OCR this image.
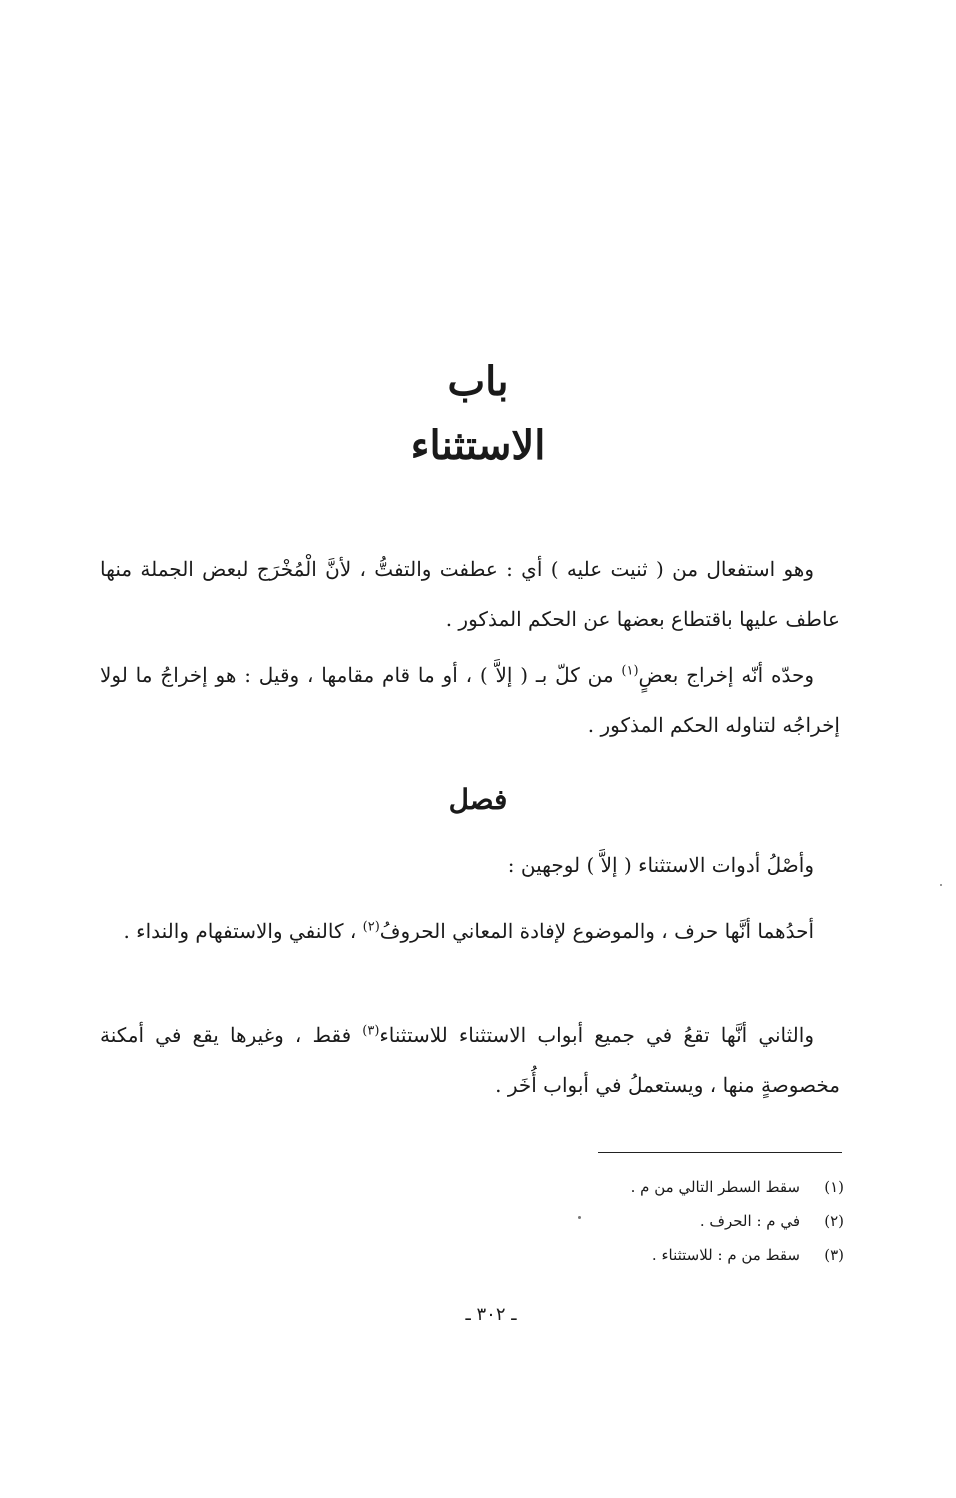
باب
الاستثناء

وهو استفعال من ( ثنيت عليه ) أي : عطفت والتفتُّ ، لأنَّ الْمُخْرَج لبعض الجملة منها عاطف عليها باقتطاع بعضها عن الحكم المذكور .

وحدّه أنّه إخراج بعضٍ$^{(١)}$ من كلّ بـ ( إلاَّ ) ، أو ما قام مقامها ، وقيل : هو إخراجُ ما لولا إخراجُه لتناوله الحكم المذكور .

فصل

وأصْلُ أدوات الاستثناء ( إلاَّ ) لوجهين :

أحدُهما أنَّها حرف ، والموضوع لإفادة المعاني الحروفُ$^{(٢)}$ ، كالنفي والاستفهام والنداء .

والثاني أنَّها تقعُ في جميع أبواب الاستثناء للاستثناء$^{(٣)}$ فقط ، وغيرها يقع في أمكنة مخصوصةٍ منها ، ويستعملُ في أبواب أُخَر .

(١)
سقط السطر التالي من م .
(٢)
في م : الحرف .
(٣)
سقط من م : للاستثناء .
ـ ٣٠٢ ـ
